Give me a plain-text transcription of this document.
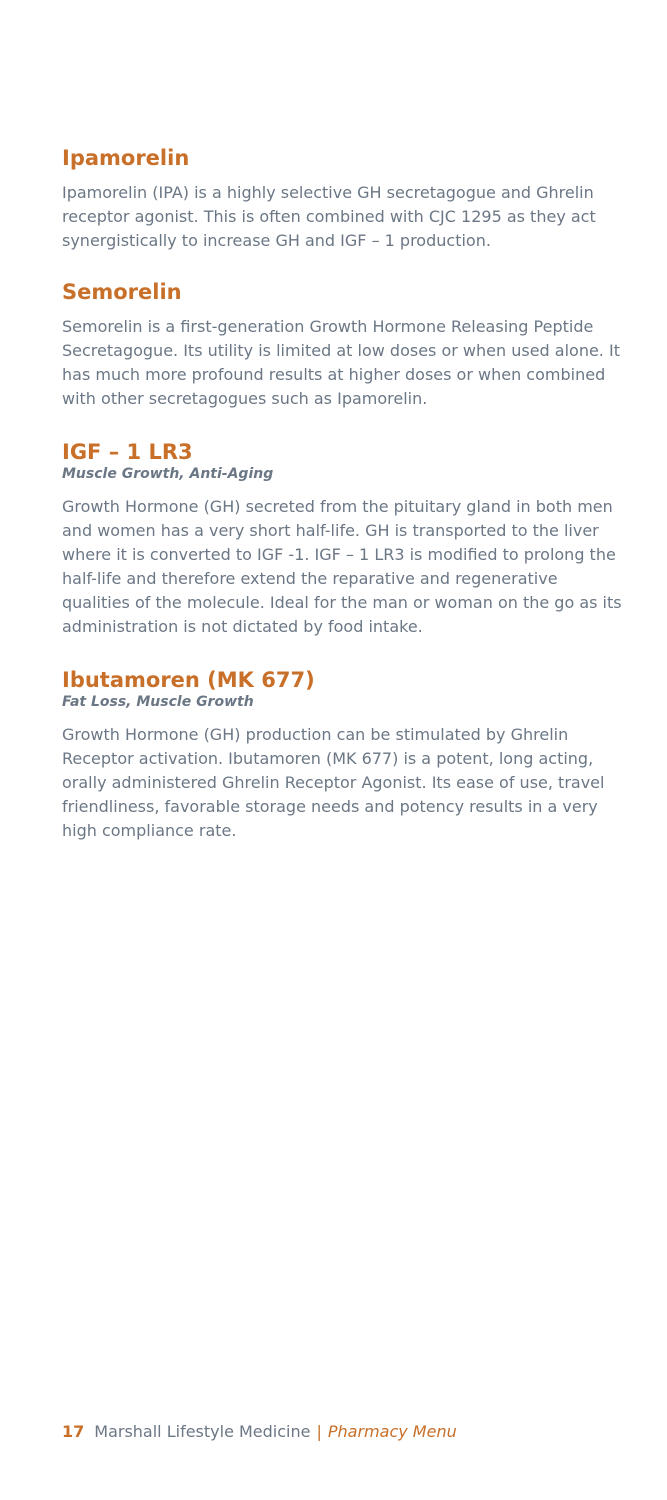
Ipamorelin

Ipamorelin (IPA) is a highly selective GH secretagogue and Ghrelin receptor agonist. This is often combined with CJC 1295 as they act synergistically to increase GH and IGF – 1 production.

Semorelin

Semorelin is a first-generation Growth Hormone Releasing Peptide Secretagogue. Its utility is limited at low doses or when used alone. It has much more profound results at higher doses or when combined with other secretagogues such as Ipamorelin.

IGF – 1 LR3

Muscle Growth, Anti-Aging

Growth Hormone (GH) secreted from the pituitary gland in both men and women has a very short half-life. GH is transported to the liver where it is converted to IGF -1. IGF – 1 LR3 is modified to prolong the half-life and therefore extend the reparative and regenerative qualities of the molecule. Ideal for the man or woman on the go as its administration is not dictated by food intake.

Ibutamoren (MK 677)

Fat Loss, Muscle Growth

Growth Hormone (GH) production can be stimulated by Ghrelin Receptor activation. Ibutamoren (MK 677) is a potent, long acting, orally administered Ghrelin Receptor Agonist. Its ease of use, travel friendliness, favorable storage needs and potency results in a very high compliance rate.

17 Marshall Lifestyle Medicine | Pharmacy Menu
